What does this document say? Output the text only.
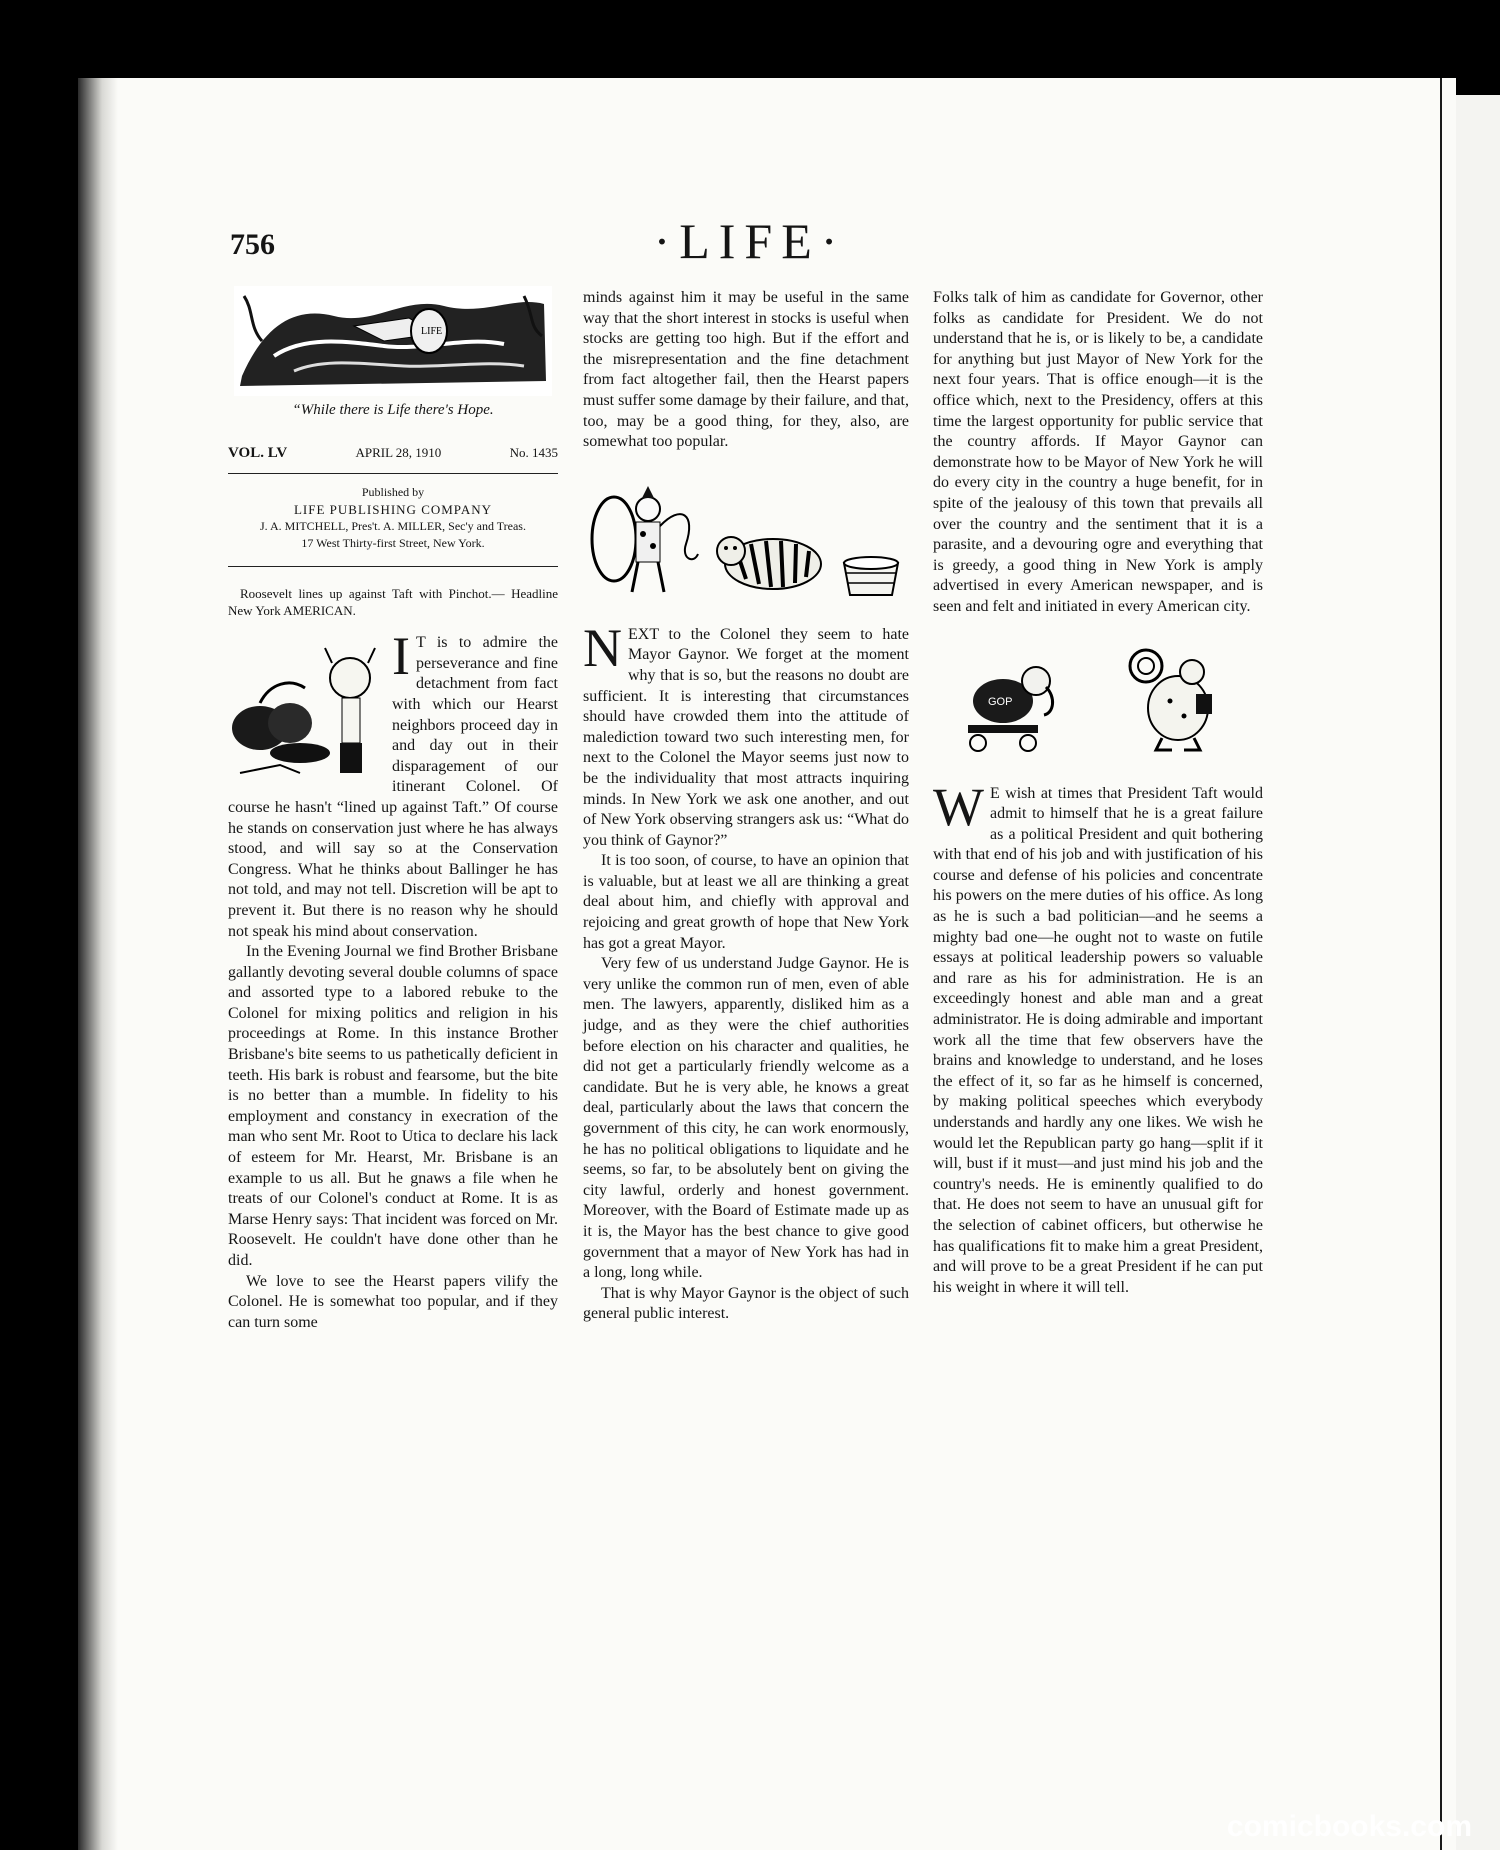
756	·LIFE·
LIFE
“While there is Life there's Hope.
VOL. LV	APRIL 28, 1910	No. 1435
Published by
LIFE PUBLISHING COMPANY
J. A. MITCHELL, Pres't. A. MILLER, Sec'y and Treas.
17 West Thirty-first Street, New York.
Roosevelt lines up against Taft with Pinchot.— Headline New York AMERICAN.

I T is to admire the perseverance and fine detachment from fact with which our Hearst neighbors proceed day in and day out in their disparagement of our itinerant Colonel. Of course he hasn't “lined up against Taft.” Of course he stands on conservation just where he has always stood, and will say so at the Conservation Congress. What he thinks about Ballinger he has not told, and may not tell. Discretion will be apt to prevent it. But there is no reason why he should not speak his mind about conservation.

In the Evening Journal we find Brother Brisbane gallantly devoting several double columns of space and assorted type to a labored rebuke to the Colonel for mixing politics and religion in his proceedings at Rome. In this instance Brother Brisbane's bite seems to us pathetically deficient in teeth. His bark is robust and fearsome, but the bite is no better than a mumble. In fidelity to his employment and constancy in execration of the man who sent Mr. Root to Utica to declare his lack of esteem for Mr. Hearst, Mr. Brisbane is an example to us all. But he gnaws a file when he treats of our Colonel's conduct at Rome. It is as Marse Henry says: That incident was forced on Mr. Roosevelt. He couldn't have done other than he did.

We love to see the Hearst papers vilify the Colonel. He is somewhat too popular, and if they can turn some

minds against him it may be useful in the same way that the short interest in stocks is useful when stocks are getting too high. But if the effort and the misrepresentation and the fine detachment from fact altogether fail, then the Hearst papers must suffer some damage by their failure, and that, too, may be a good thing, for they, also, are somewhat too popular.

NEXT to the Colonel they seem to hate Mayor Gaynor. We forget at the moment why that is so, but the reasons no doubt are sufficient. It is interesting that circumstances should have crowded them into the attitude of malediction toward two such interesting men, for next to the Colonel the Mayor seems just now to be the individuality that most attracts inquiring minds. In New York we ask one another, and out of New York observing strangers ask us: “What do you think of Gaynor?”

It is too soon, of course, to have an opinion that is valuable, but at least we all are thinking a great deal about him, and chiefly with approval and rejoicing and great growth of hope that New York has got a great Mayor.

Very few of us understand Judge Gaynor. He is very unlike the common run of men, even of able men. The lawyers, apparently, disliked him as a judge, and as they were the chief authorities before election on his character and qualities, he did not get a particularly friendly welcome as a candidate. But he is very able, he knows a great deal, particularly about the laws that concern the government of this city, he can work enormously, he has no political obligations to liquidate and he seems, so far, to be absolutely bent on giving the city lawful, orderly and honest government. Moreover, with the Board of Estimate made up as it is, the Mayor has the best chance to give good government that a mayor of New York has had in a long, long while.

That is why Mayor Gaynor is the object of such general public interest.

Folks talk of him as candidate for Governor, other folks as candidate for President. We do not understand that he is, or is likely to be, a candidate for anything but just Mayor of New York for the next four years. That is office enough—it is the office which, next to the Presidency, offers at this time the largest opportunity for public service that the country affords. If Mayor Gaynor can demonstrate how to be Mayor of New York he will do every city in the country a huge benefit, for in spite of the jealousy of this town that prevails all over the country and the sentiment that it is a parasite, and a devouring ogre and everything that is greedy, a good thing in New York is amply advertised in every American newspaper, and is seen and felt and initiated in every American city.

GOP

W E wish at times that President Taft would admit to himself that he is a great failure as a political President and quit bothering with that end of his job and with justification of his course and defense of his policies and concentrate his powers on the mere duties of his office. As long as he is such a bad politician—and he seems a mighty bad one—he ought not to waste on futile essays at political leadership powers so valuable and rare as his for administration. He is an exceedingly honest and able man and a great administrator. He is doing admirable and important work all the time that few observers have the brains and knowledge to understand, and he loses the effect of it, so far as he himself is concerned, by making political speeches which everybody understands and hardly any one likes. We wish he would let the Republican party go hang—split if it will, bust if it must—and just mind his job and the country's needs. He is eminently qualified to do that. He does not seem to have an unusual gift for the selection of cabinet officers, but otherwise he has qualifications fit to make him a great President, and will prove to be a great President if he can put his weight in where it will tell.

comicbooks.com
